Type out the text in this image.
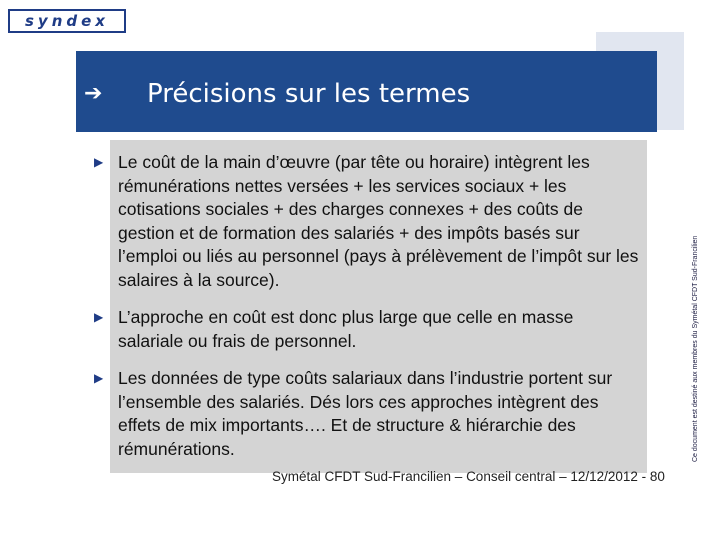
syndex
➔ Précisions sur les termes
▶ Le coût de la main d’œuvre (par tête ou horaire) intègrent les rémunérations nettes versées + les services sociaux + les cotisations sociales + des charges connexes + des coûts de gestion et de formation des salariés + des impôts basés sur l’emploi ou liés au personnel (pays à prélèvement de l’impôt sur les salaires à la source).
▶ L’approche en coût est donc plus large que celle en masse salariale ou frais de personnel.
▶ Les données de type coûts salariaux dans l’industrie portent sur l’ensemble des salariés. Dés lors ces approches intègrent des effets de mix importants…. Et de structure & hiérarchie des rémunérations.	Ce document est destiné aux membres du Symétal CFDT Sud-Francilien
Symétal CFDT Sud-Francilien – Conseil central – 12/12/2012 - 80
